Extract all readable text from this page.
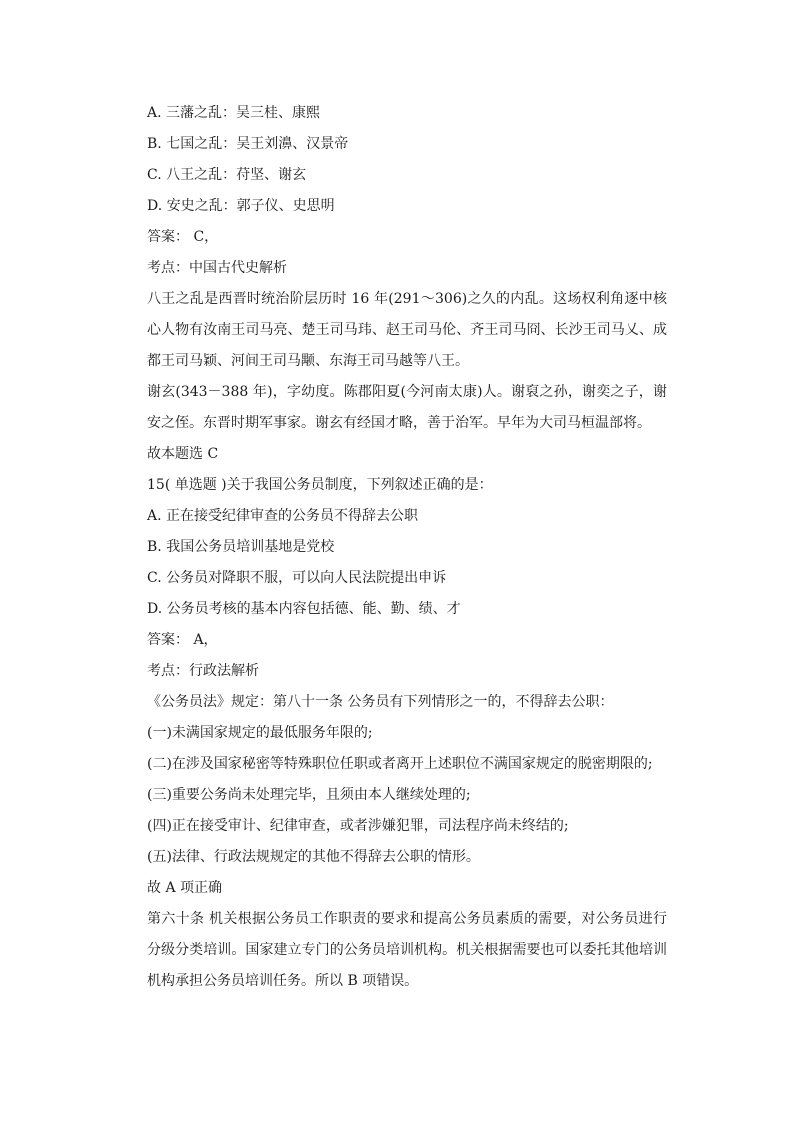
A. 三藩之乱：吴三桂、康熙
B. 七国之乱：吴王刘濞、汉景帝
C. 八王之乱：苻坚、谢玄
D. 安史之乱：郭子仪、史思明
答案： C，
考点：中国古代史解析
八王之乱是西晋时统治阶层历时 16 年(291～306)之久的内乱。这场权利角逐中核心人物有汝南王司马亮、楚王司马玮、赵王司马伦、齐王司马冏、长沙王司马乂、成都王司马颖、河间王司马颙、东海王司马越等八王。
谢玄(343－388 年)，字幼度。陈郡阳夏(今河南太康)人。谢裒之孙，谢奕之子，谢安之侄。东晋时期军事家。谢玄有经国才略，善于治军。早年为大司马桓温部将。
故本题选 C
15( 单选题 )关于我国公务员制度，下列叙述正确的是：
A. 正在接受纪律审查的公务员不得辞去公职
B. 我国公务员培训基地是党校
C. 公务员对降职不服，可以向人民法院提出申诉
D. 公务员考核的基本内容包括德、能、勤、绩、才
答案： A，
考点：行政法解析
《公务员法》规定：第八十一条 公务员有下列情形之一的，不得辞去公职：
(一)未满国家规定的最低服务年限的;
(二)在涉及国家秘密等特殊职位任职或者离开上述职位不满国家规定的脱密期限的;
(三)重要公务尚未处理完毕，且须由本人继续处理的;
(四)正在接受审计、纪律审查，或者涉嫌犯罪，司法程序尚未终结的;
(五)法律、行政法规规定的其他不得辞去公职的情形。
故 A 项正确
第六十条 机关根据公务员工作职责的要求和提高公务员素质的需要，对公务员进行分级分类培训。国家建立专门的公务员培训机构。机关根据需要也可以委托其他培训机构承担公务员培训任务。所以 B 项错误。
